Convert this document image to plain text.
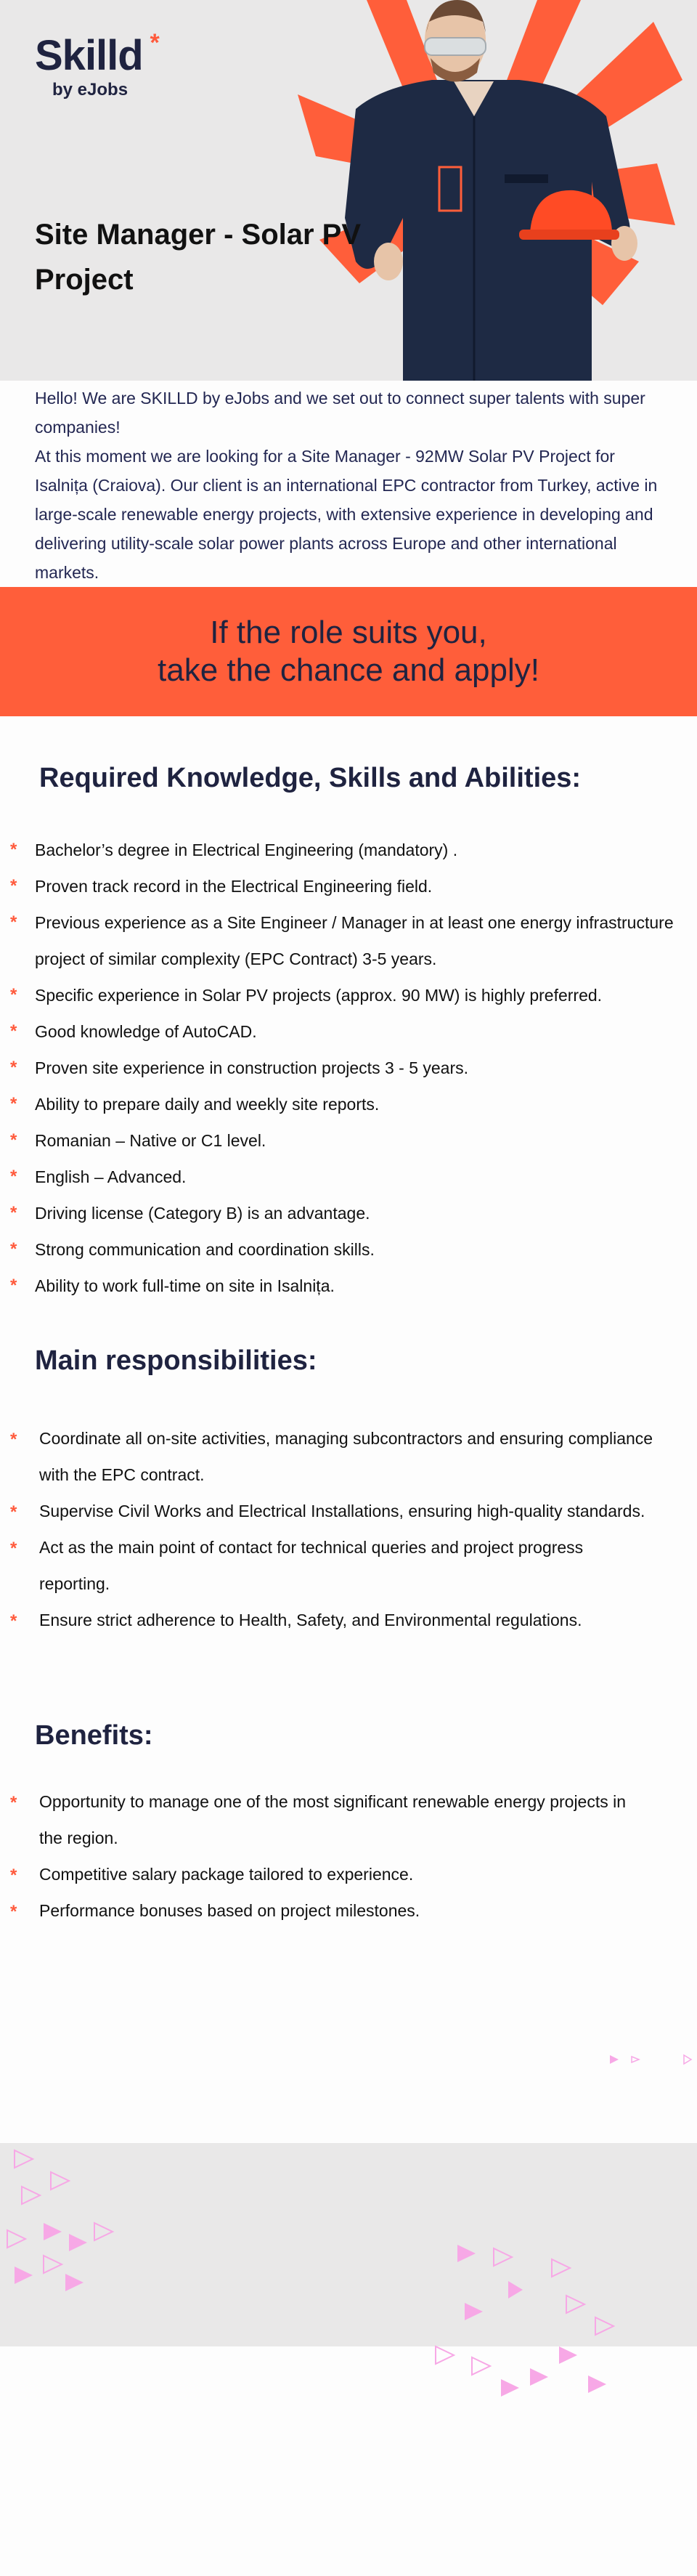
Skilld *
by eJobs
Site Manager - Solar PV Project

Hello! We are SKILLD by eJobs and we set out to connect super talents with super companies!

At this moment we are looking for a Site Manager - 92MW Solar PV Project for Isalnița (Craiova). Our client is an international EPC contractor from Turkey, active in large-scale renewable energy projects, with extensive experience in developing and delivering utility-scale solar power plants across Europe and other international markets.

If the role suits you,
take the chance and apply!
Required Knowledge, Skills and Abilities:
* Bachelor’s degree in Electrical Engineering (mandatory) .
* Proven track record in the Electrical Engineering field.
* Previous experience as a Site Engineer / Manager in at least one energy infrastructure project of similar complexity (EPC Contract) 3-5 years.
* Specific experience in Solar PV projects (approx. 90 MW) is highly preferred.
* Good knowledge of AutoCAD.
* Proven site experience in construction projects 3 - 5 years.
* Ability to prepare daily and weekly site reports.
* Romanian – Native or C1 level.
* English – Advanced.
* Driving license (Category B) is an advantage.
* Strong communication and coordination skills.
* Ability to work full-time on site in Isalnița.
Main responsibilities:
* Coordinate all on-site activities, managing subcontractors and ensuring compliance with the EPC contract.
* Supervise Civil Works and Electrical Installations, ensuring high-quality standards.
* Act as the main point of contact for technical queries and project progress reporting.
* Ensure strict adherence to Health, Safety, and Environmental regulations.
Benefits:
* Opportunity to manage one of the most significant renewable energy projects in the region.
* Competitive salary package tailored to experience.
* Performance bonuses based on project milestones.
